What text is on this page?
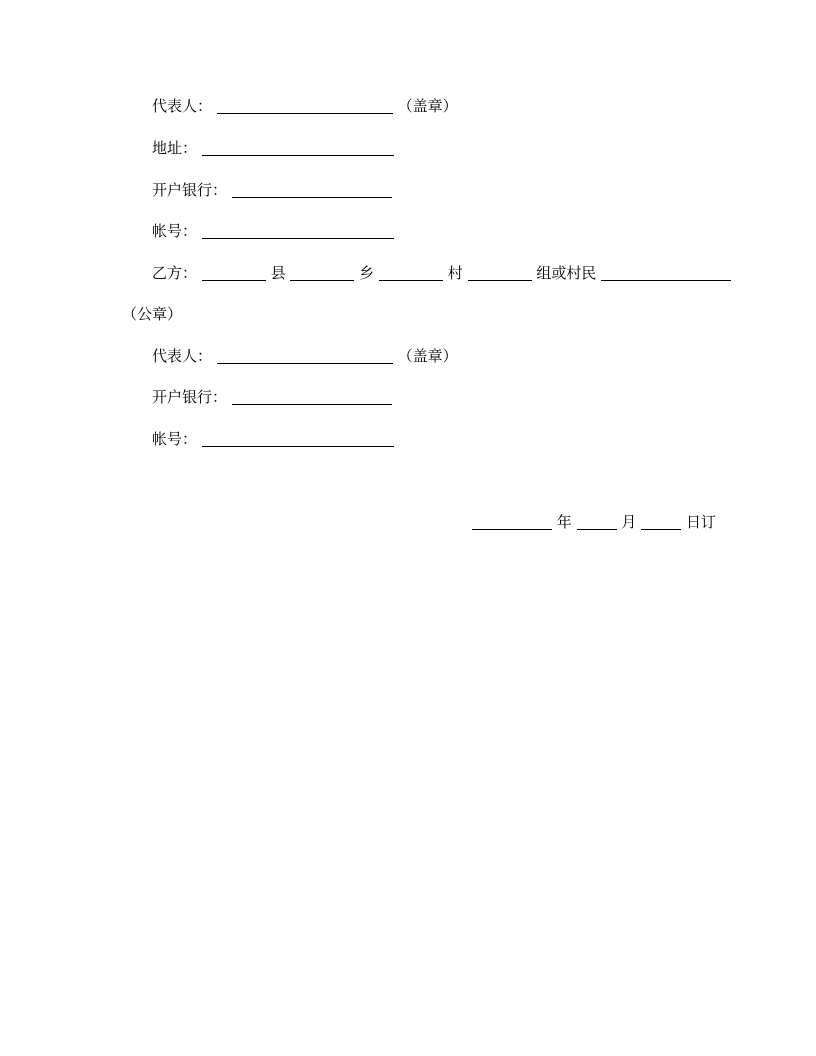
代表人：	（盖章）
地址：
开户银行：
帐号：
乙方：	县	乡	村	组或村民
（公章）
代表人：	（盖章）
开户银行：
帐号：
年	月	日订
